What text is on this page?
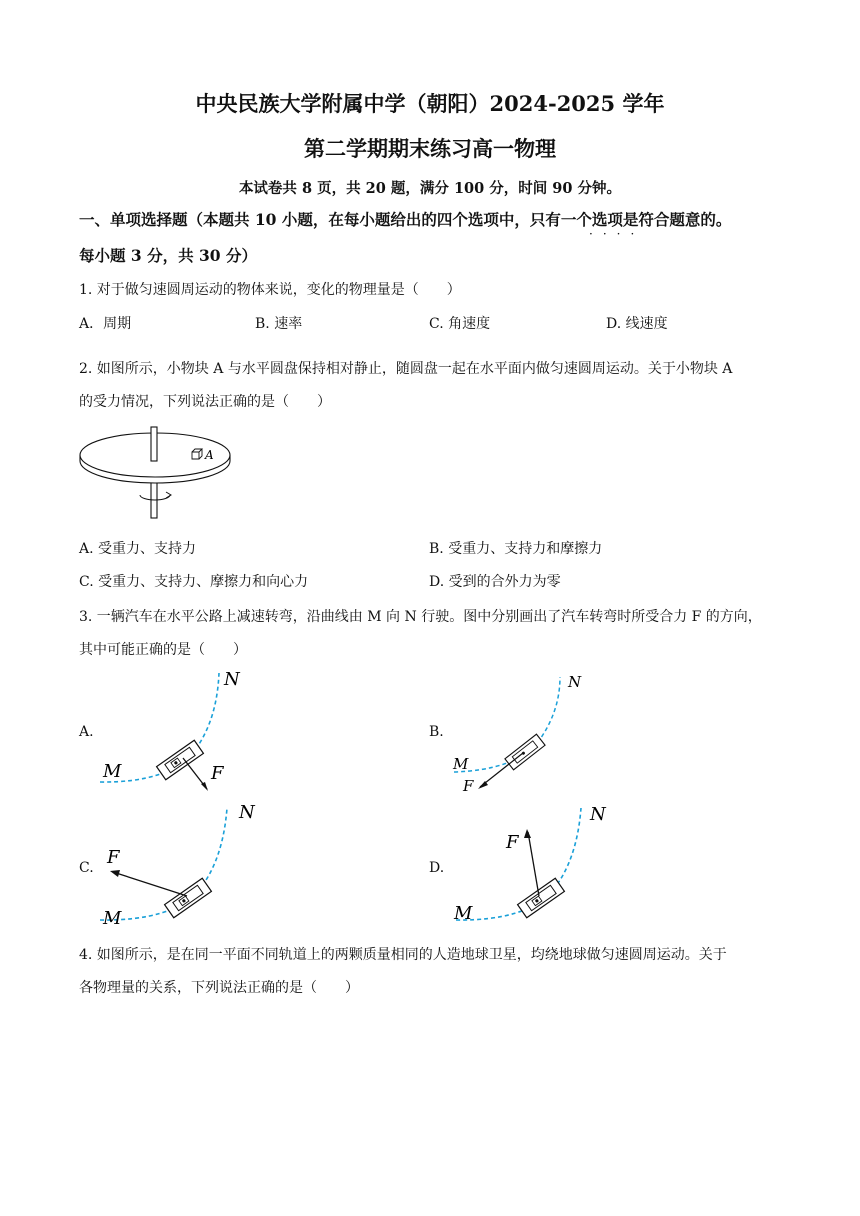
中央民族大学附属中学（朝阳）2024-2025 学年
第二学期期末练习高一物理
本试卷共 8 页，共 20 题，满分 100 分，时间 90 分钟。
一、单项选择题（本题共 10 小题，在每小题给出的四个选项中，只有一个选项是符合题意的。
····
每小题 3 分，共 30 分）
1. 对于做匀速圆周运动的物体来说，变化的物理量是（　　）
A．周期	B. 速率	C. 角速度	D. 线速度
2. 如图所示，小物块 A 与水平圆盘保持相对静止，随圆盘一起在水平面内做匀速圆周运动。关于小物块 A
的受力情况，下列说法正确的是（　　）
A
A. 受重力、支持力	B. 受重力、支持力和摩擦力
C. 受重力、支持力、摩擦力和向心力	D. 受到的合外力为零
3. 一辆汽车在水平公路上减速转弯，沿曲线由 M 向 N 行驶。图中分别画出了汽车转弯时所受合力 F 的方向，
其中可能正确的是（　　）
A.	B.
C.	D.
M
N
F	M
N
F
M
N
F
M
N
F
4. 如图所示，是在同一平面不同轨道上的两颗质量相同的人造地球卫星，均绕地球做匀速圆周运动。关于
各物理量的关系，下列说法正确的是（　　）
